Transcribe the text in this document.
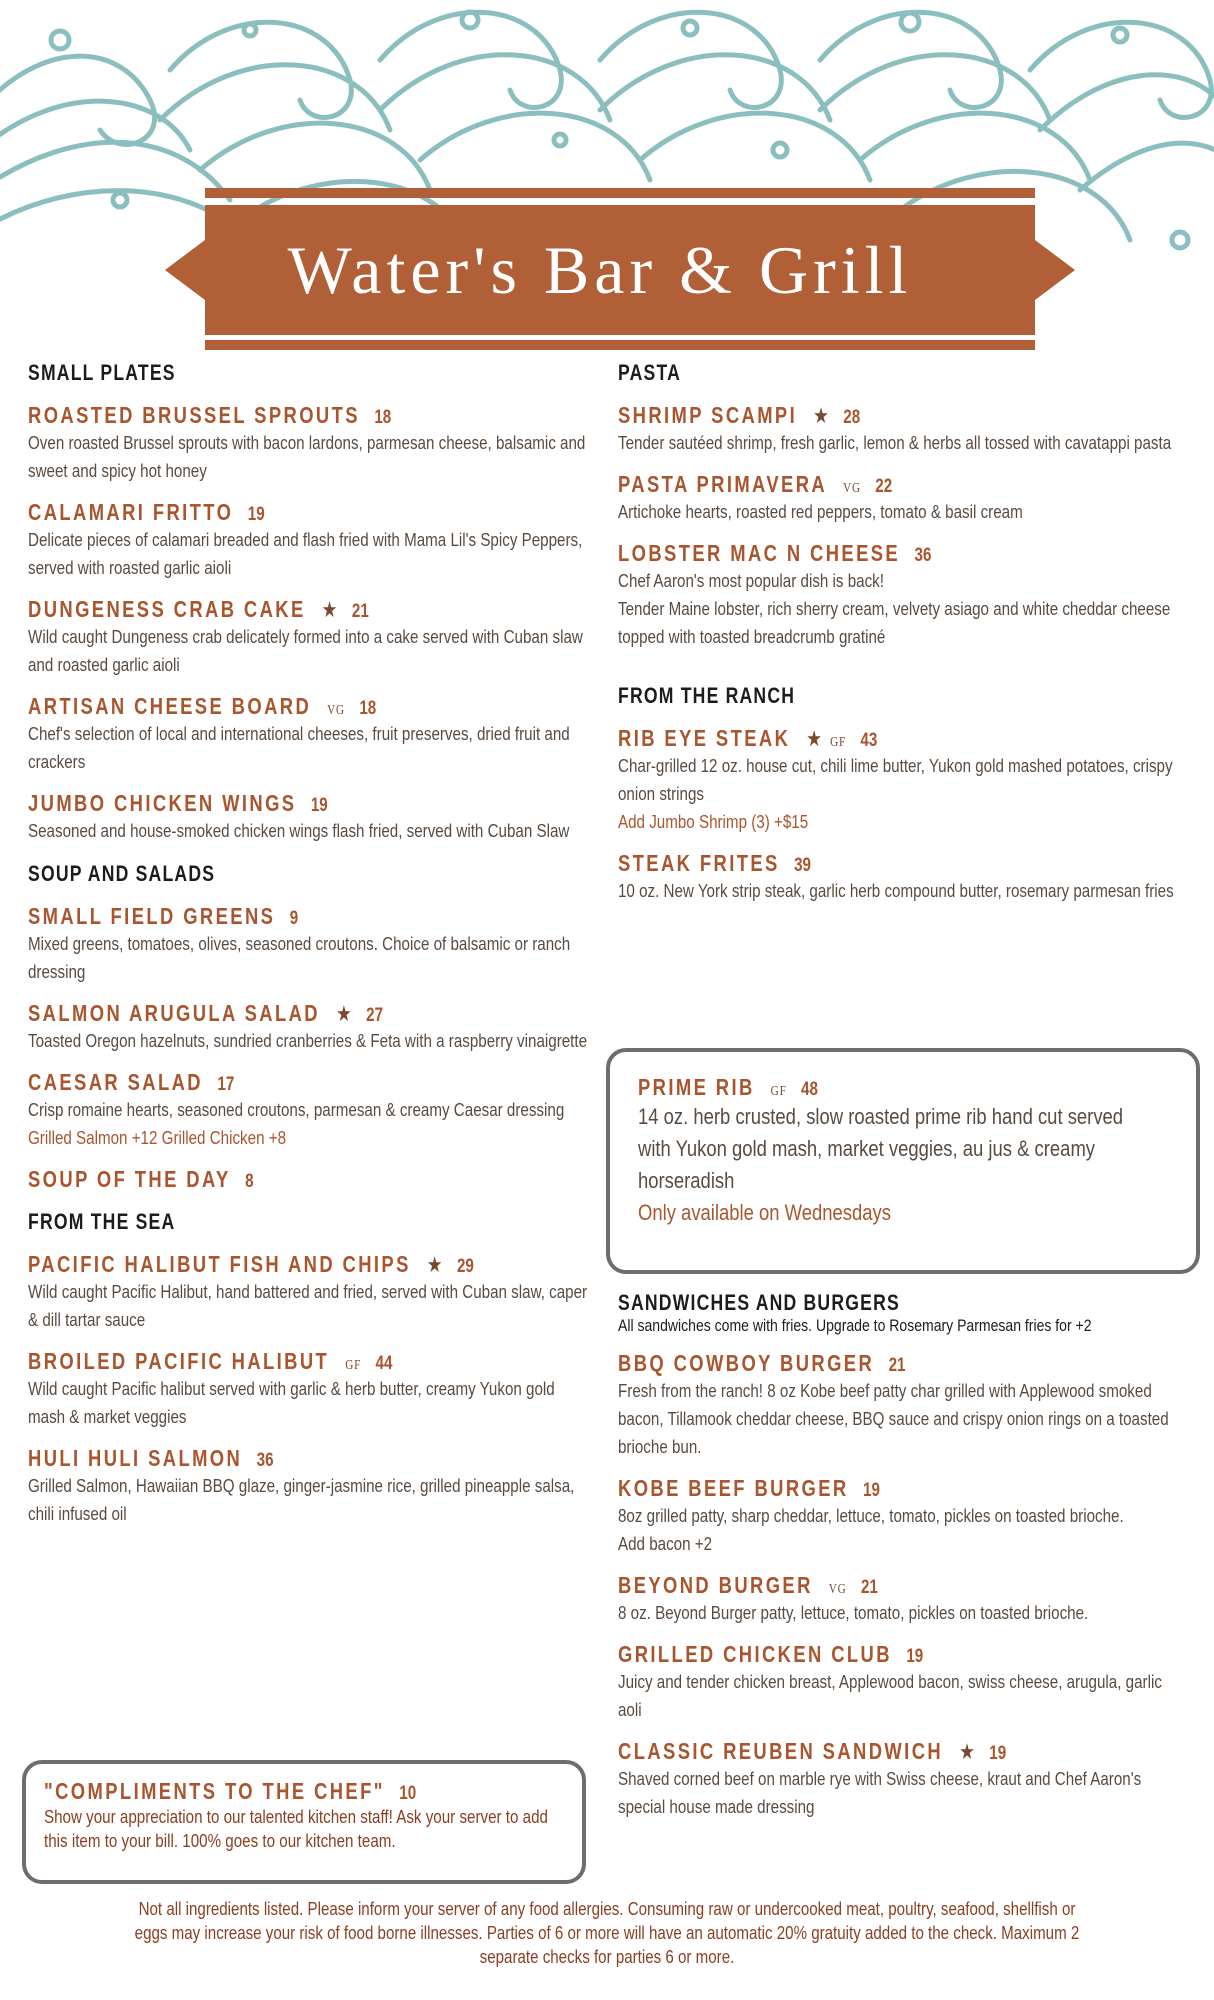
Water's Bar & Grill
SMALL PLATES
ROASTED BRUSSEL SPROUTS 18
Oven roasted Brussel sprouts with bacon lardons, parmesan cheese, balsamic and sweet and spicy hot honey
CALAMARI FRITTO 19
Delicate pieces of calamari breaded and flash fried with Mama Lil's Spicy Peppers, served with roasted garlic aioli
DUNGENESS CRAB CAKE ★ 21
Wild caught Dungeness crab delicately formed into a cake served with Cuban slaw and roasted garlic aioli
ARTISAN CHEESE BOARD VG 18
Chef's selection of local and international cheeses, fruit preserves, dried fruit and crackers
JUMBO CHICKEN WINGS 19
Seasoned and house-smoked chicken wings flash fried, served with Cuban Slaw
SOUP AND SALADS
SMALL FIELD GREENS 9
Mixed greens, tomatoes, olives, seasoned croutons. Choice of balsamic or ranch dressing
SALMON ARUGULA SALAD ★ 27
Toasted Oregon hazelnuts, sundried cranberries & Feta with a raspberry vinaigrette
CAESAR SALAD 17
Crisp romaine hearts, seasoned croutons, parmesan & creamy Caesar dressing
Grilled Salmon +12 Grilled Chicken +8
SOUP OF THE DAY 8
FROM THE SEA
PACIFIC HALIBUT FISH AND CHIPS ★ 29
Wild caught Pacific Halibut, hand battered and fried, served with Cuban slaw, caper & dill tartar sauce
BROILED PACIFIC HALIBUT GF 44
Wild caught Pacific halibut served with garlic & herb butter, creamy Yukon gold mash & market veggies
HULI HULI SALMON 36
Grilled Salmon, Hawaiian BBQ glaze, ginger-jasmine rice, grilled pineapple salsa, chili infused oil
"COMPLIMENTS TO THE CHEF" 10
Show your appreciation to our talented kitchen staff! Ask your server to add this item to your bill. 100% goes to our kitchen team.
PASTA
SHRIMP SCAMPI ★ 28
Tender sautéed shrimp, fresh garlic, lemon & herbs all tossed with cavatappi pasta
PASTA PRIMAVERA VG 22
Artichoke hearts, roasted red peppers, tomato & basil cream
LOBSTER MAC N CHEESE 36
Chef Aaron's most popular dish is back!
Tender Maine lobster, rich sherry cream, velvety asiago and white cheddar cheese topped with toasted breadcrumb gratiné
FROM THE RANCH
RIB EYE STEAK ★ GF 43
Char-grilled 12 oz. house cut, chili lime butter, Yukon gold mashed potatoes, crispy onion strings
Add Jumbo Shrimp (3) +$15
STEAK FRITES 39
10 oz. New York strip steak, garlic herb compound butter, rosemary parmesan fries
PRIME RIB GF 48
14 oz. herb crusted, slow roasted prime rib hand cut served with Yukon gold mash, market veggies, au jus & creamy horseradish
Only available on Wednesdays
SANDWICHES AND BURGERS
All sandwiches come with fries. Upgrade to Rosemary Parmesan fries for +2
BBQ COWBOY BURGER 21
Fresh from the ranch! 8 oz Kobe beef patty char grilled with Applewood smoked bacon, Tillamook cheddar cheese, BBQ sauce and crispy onion rings on a toasted brioche bun.
KOBE BEEF BURGER 19
8oz grilled patty, sharp cheddar, lettuce, tomato, pickles on toasted brioche.
Add bacon +2
BEYOND BURGER VG 21
8 oz. Beyond Burger patty, lettuce, tomato, pickles on toasted brioche.
GRILLED CHICKEN CLUB 19
Juicy and tender chicken breast, Applewood bacon, swiss cheese, arugula, garlic aoli
CLASSIC REUBEN SANDWICH ★ 19
Shaved corned beef on marble rye with Swiss cheese, kraut and Chef Aaron's special house made dressing
Not all ingredients listed. Please inform your server of any food allergies. Consuming raw or undercooked meat, poultry, seafood, shellfish or eggs may increase your risk of food borne illnesses. Parties of 6 or more will have an automatic 20% gratuity added to the check. Maximum 2 separate checks for parties 6 or more.
